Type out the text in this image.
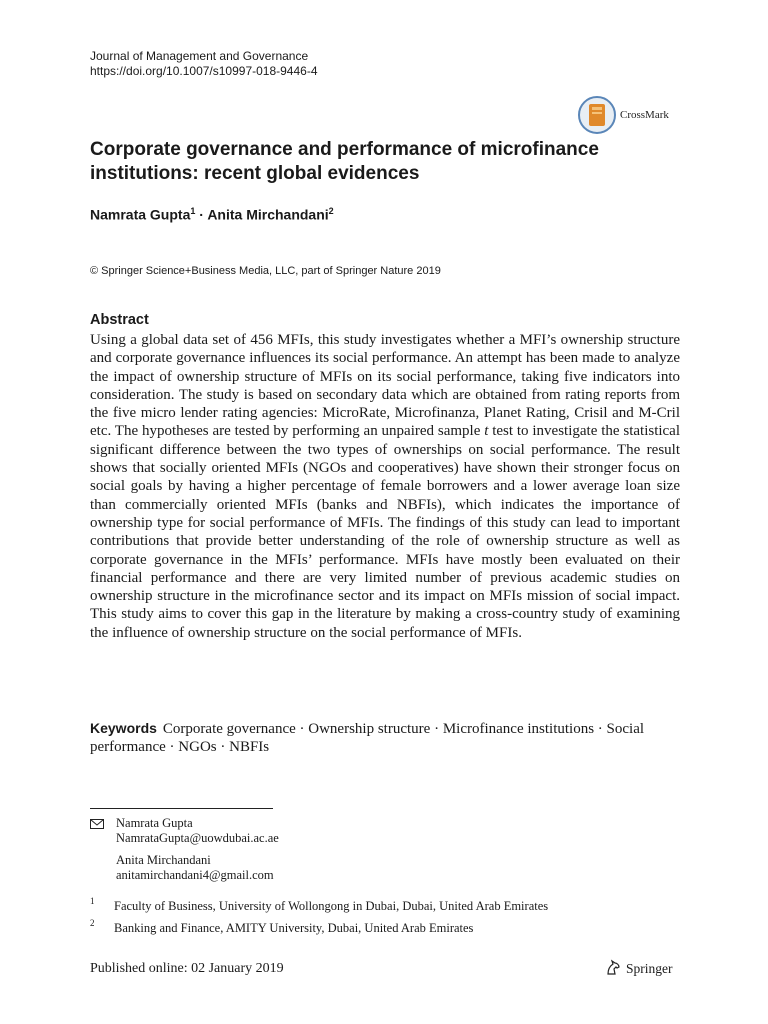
Journal of Management and Governance
https://doi.org/10.1007/s10997-018-9446-4
CrossMark
Corporate governance and performance of microfinance institutions: recent global evidences
Namrata Gupta$^1$ · Anita Mirchandani$^2$
© Springer Science+Business Media, LLC, part of Springer Nature 2019
Abstract
Using a global data set of 456 MFIs, this study investigates whether a MFI’s ownership structure and corporate governance influences its social performance. An attempt has been made to analyze the impact of ownership structure of MFIs on its social performance, taking five indicators into consideration. The study is based on secondary data which are obtained from rating reports from the five micro lender rating agencies: MicroRate, Microfinanza, Planet Rating, Crisil and M-Cril etc. The hypotheses are tested by performing an unpaired sample t test to investigate the statistical significant difference between the two types of ownerships on social performance. The result shows that socially oriented MFIs (NGOs and cooperatives) have shown their stronger focus on social goals by having a higher percentage of female borrowers and a lower average loan size than commercially oriented MFIs (banks and NBFIs), which indicates the importance of ownership type for social performance of MFIs. The findings of this study can lead to important contributions that provide better understanding of the role of ownership structure as well as corporate governance in the MFIs’ performance. MFIs have mostly been evaluated on their financial performance and there are very limited number of previous academic studies on ownership structure in the microfinance sector and its impact on MFIs mission of social impact. This study aims to cover this gap in the literature by making a cross-country study of examining the influence of ownership structure on the social performance of MFIs.
Keywords Corporate governance · Ownership structure · Microfinance institutions · Social performance · NGOs · NBFIs
Namrata Gupta
NamrataGupta@uowdubai.ac.ae
Anita Mirchandani
anitamirchandani4@gmail.com
1 Faculty of Business, University of Wollongong in Dubai, Dubai, United Arab Emirates
2 Banking and Finance, AMITY University, Dubai, United Arab Emirates
Published online: 02 January 2019	Springer
